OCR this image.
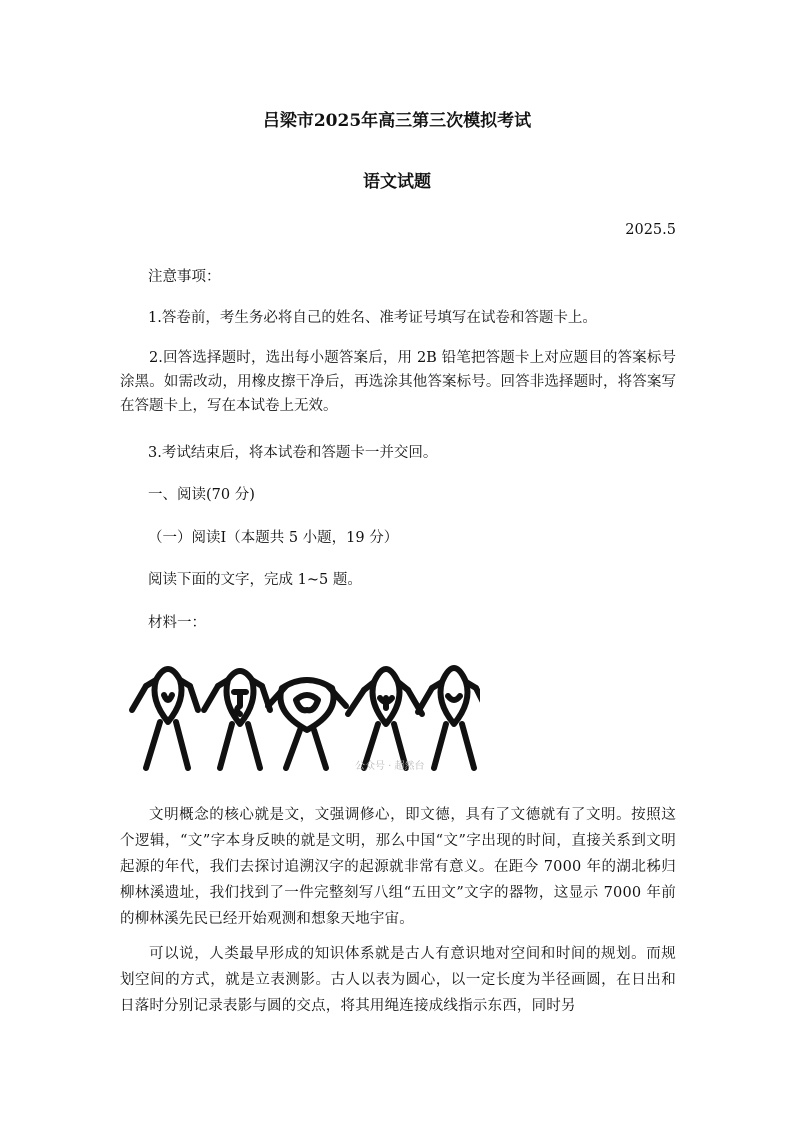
吕梁市2025年高三第三次模拟考试
语文试题
2025.5
注意事项：
1.答卷前，考生务必将自己的姓名、准考证号填写在试卷和答题卡上。
2.回答选择题时，选出每小题答案后，用 2B 铅笔把答题卡上对应题目的答案标号涂黑。如需改动，用橡皮擦干净后，再选涂其他答案标号。回答非选择题时，将答案写在答题卡上，写在本试卷上无效。
3.考试结束后，将本试卷和答题卡一并交回。
一、阅读(70 分)
（一）阅读Ⅰ（本题共 5 小题，19 分）
阅读下面的文字，完成 1~5 题。
材料一：
公众号 · 超然台
文明概念的核心就是文，文强调修心，即文德，具有了文德就有了文明。按照这个逻辑，“文”字本身反映的就是文明，那么中国“文”字出现的时间，直接关系到文明起源的年代，我们去探讨追溯汉字的起源就非常有意义。在距今 7000 年的湖北秭归柳林溪遗址，我们找到了一件完整刻写八组“五田文”文字的器物，这显示 7000 年前的柳林溪先民已经开始观测和想象天地宇宙。
可以说，人类最早形成的知识体系就是古人有意识地对空间和时间的规划。而规划空间的方式，就是立表测影。古人以表为圆心，以一定长度为半径画圆，在日出和日落时分别记录表影与圆的交点，将其用绳连接成线指示东西，同时另
